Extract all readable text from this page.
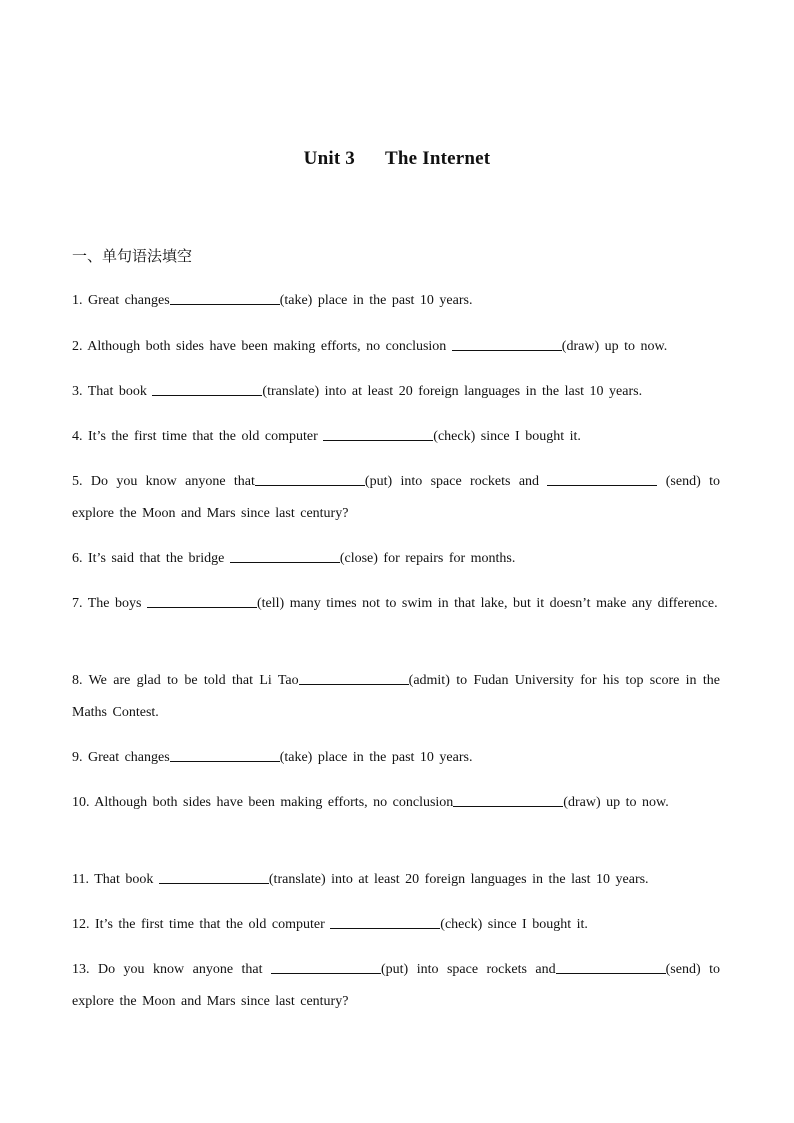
Unit 3 The Internet
一、单句语法填空
1. Great changes	(take) place in the past 10 years.
2. Although both sides have been making efforts, no conclusion	(draw) up to now.
3. That book	(translate) into at least 20 foreign languages in the last 10 years.
4. It’s the first time that the old computer	(check) since I bought it.
5. Do you know anyone that	(put) into space rockets and	(send) to explore the Moon and Mars since last century?
6. It’s said that the bridge	(close) for repairs for months.
7. The boys	(tell) many times not to swim in that lake, but it doesn’t make any difference.
8. We are glad to be told that Li Tao	(admit) to Fudan University for his top score in the Maths Contest.
9. Great changes	(take) place in the past 10 years.
10. Although both sides have been making efforts, no conclusion	(draw) up to now.
11. That book	(translate) into at least 20 foreign languages in the last 10 years.
12. It’s the first time that the old computer	(check) since I bought it.
13. Do you know anyone that	(put) into space rockets and	(send) to explore the Moon and Mars since last century?
